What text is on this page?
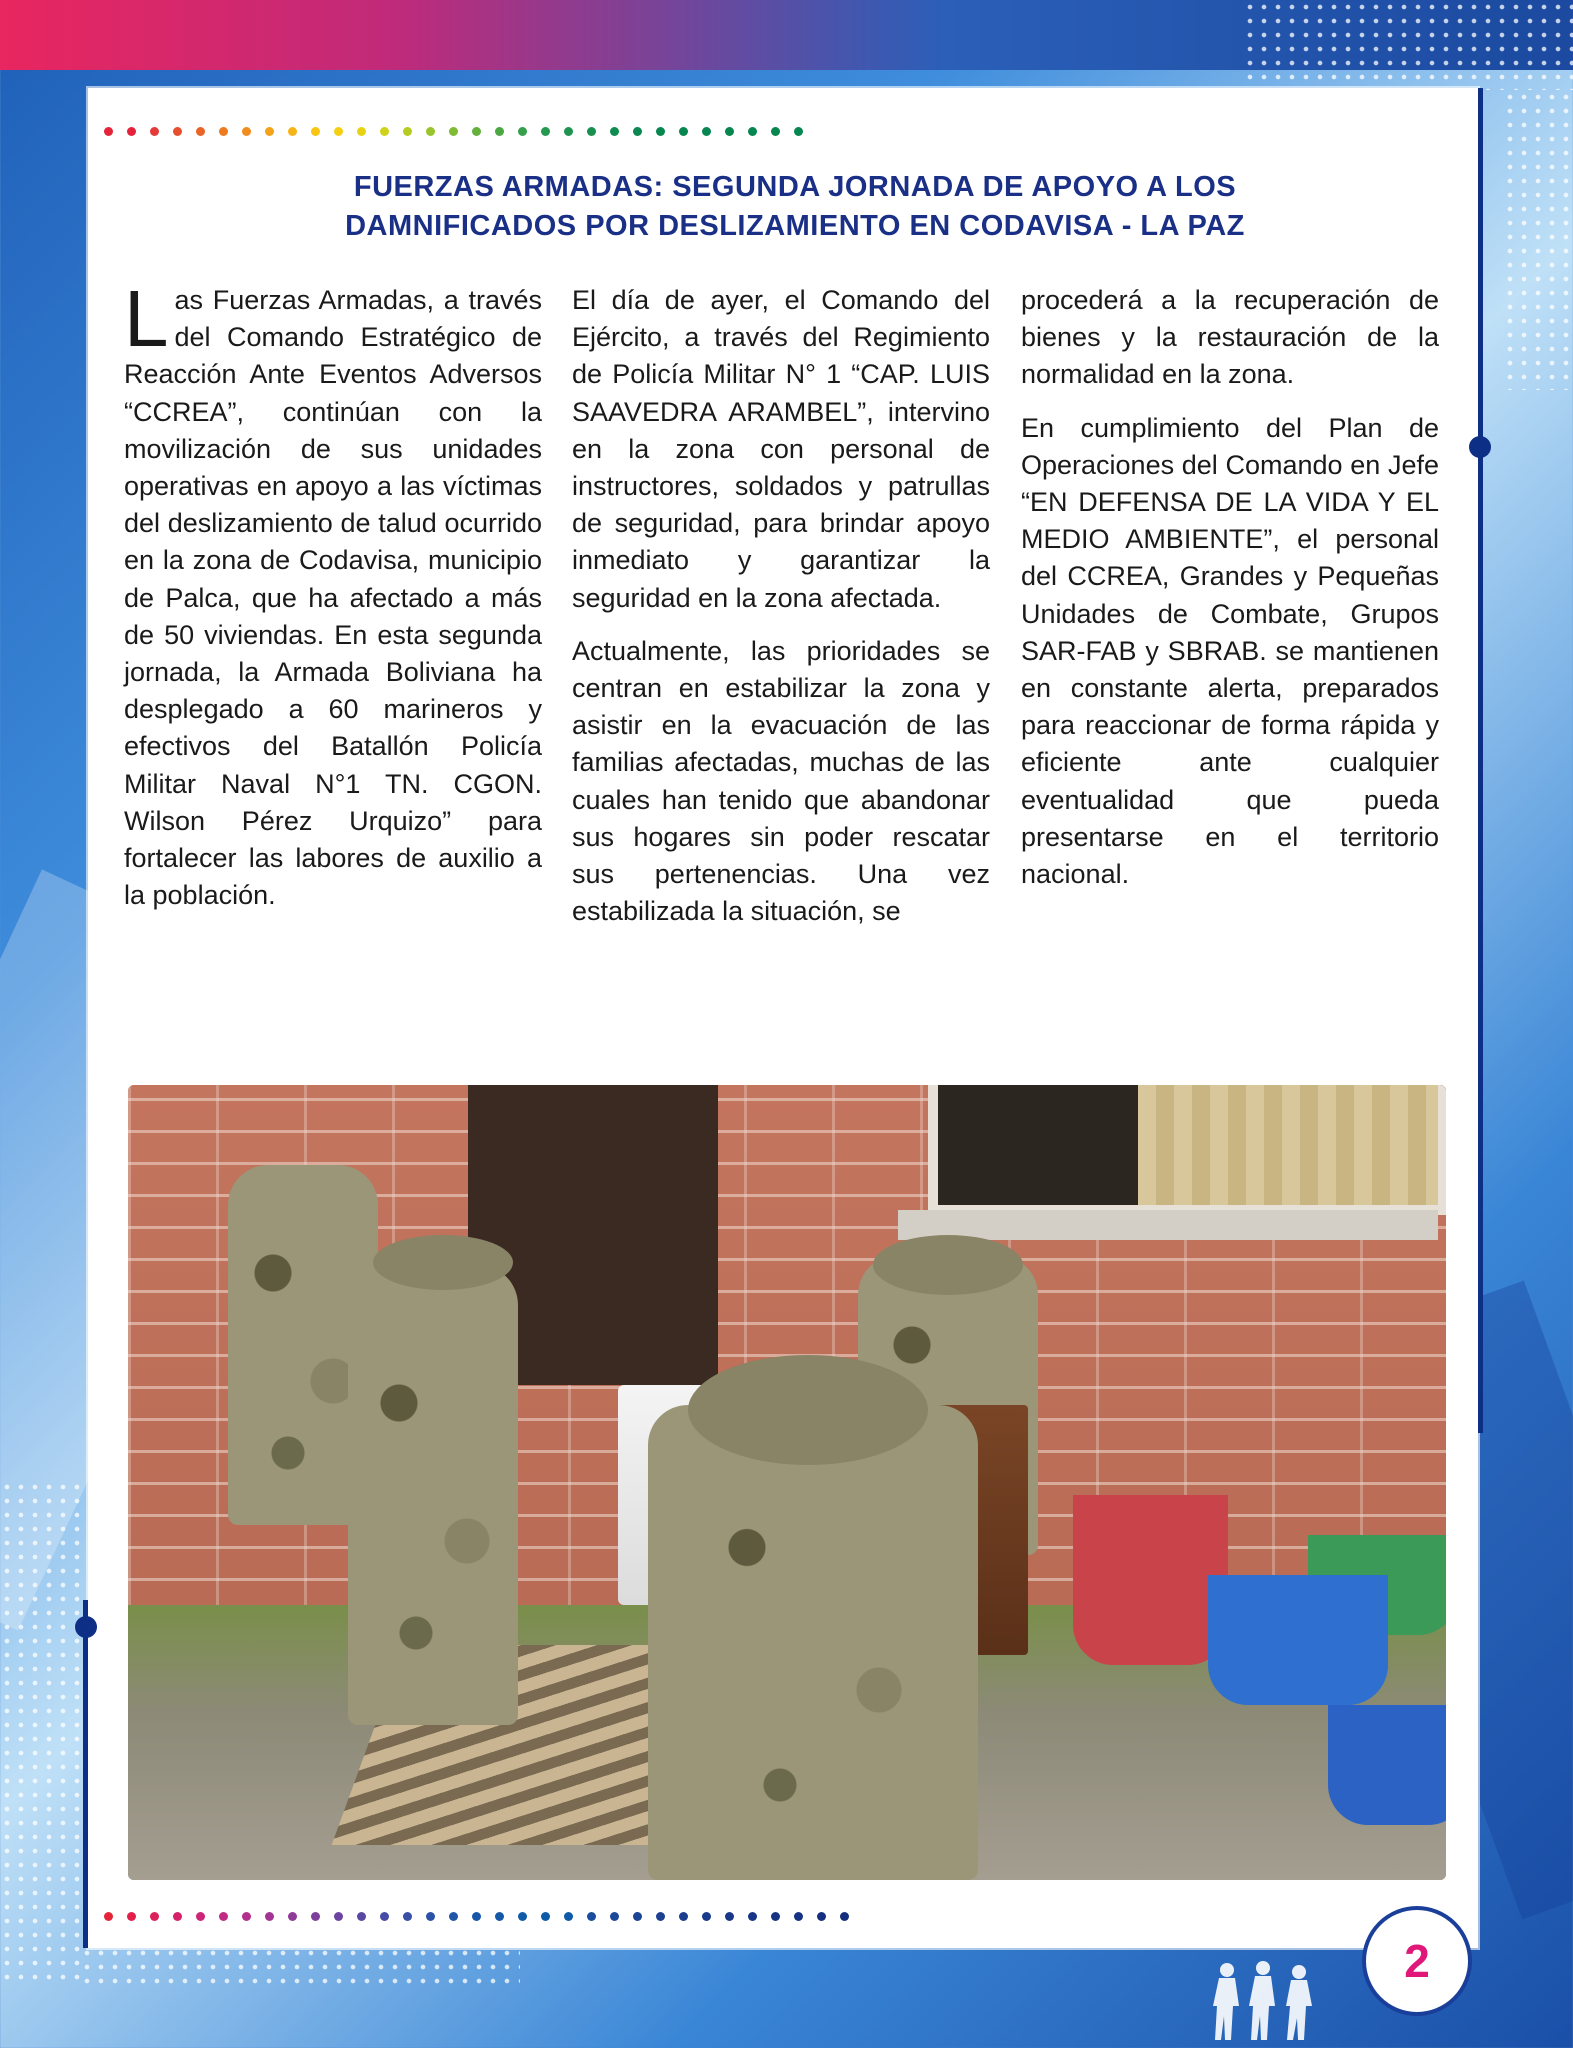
FUERZAS ARMADAS: SEGUNDA JORNADA DE APOYO A LOS
DAMNIFICADOS POR DESLIZAMIENTO EN CODAVISA - LA PAZ

Las Fuerzas Armadas, a través del Comando Estratégico de Reacción Ante Eventos Adversos “CCREA”, continúan con la movilización de sus unidades operativas en apoyo a las víctimas del deslizamiento de talud ocurrido en la zona de Codavisa, municipio de Palca, que ha afectado a más de 50 viviendas. En esta segunda jornada, la Armada Boliviana ha desplegado a 60 marineros y efectivos del Batallón Policía Militar Naval N°1 TN. CGON. Wilson Pérez Urquizo” para fortalecer las labores de auxilio a la población.

El día de ayer, el Comando del Ejército, a través del Regimiento de Policía Militar N° 1 “CAP. LUIS SAAVEDRA ARAMBEL”, intervino en la zona con personal de instructores, soldados y patrullas de seguridad, para brindar apoyo inmediato y garantizar la seguridad en la zona afectada.

Actualmente, las prioridades se centran en estabilizar la zona y asistir en la evacuación de las familias afectadas, muchas de las cuales han tenido que abandonar sus hogares sin poder rescatar sus pertenencias. Una vez estabilizada la situación, se

procederá a la recuperación de bienes y la restauración de la normalidad en la zona.

En cumplimiento del Plan de Operaciones del Comando en Jefe “EN DEFENSA DE LA VIDA Y EL MEDIO AMBIENTE”, el personal del CCREA, Grandes y Pequeñas Unidades de Combate, Grupos SAR-FAB y SBRAB. se mantienen en constante alerta, preparados para reaccionar de forma rápida y eficiente ante cualquier eventualidad que pueda presentarse en el territorio nacional.

2
